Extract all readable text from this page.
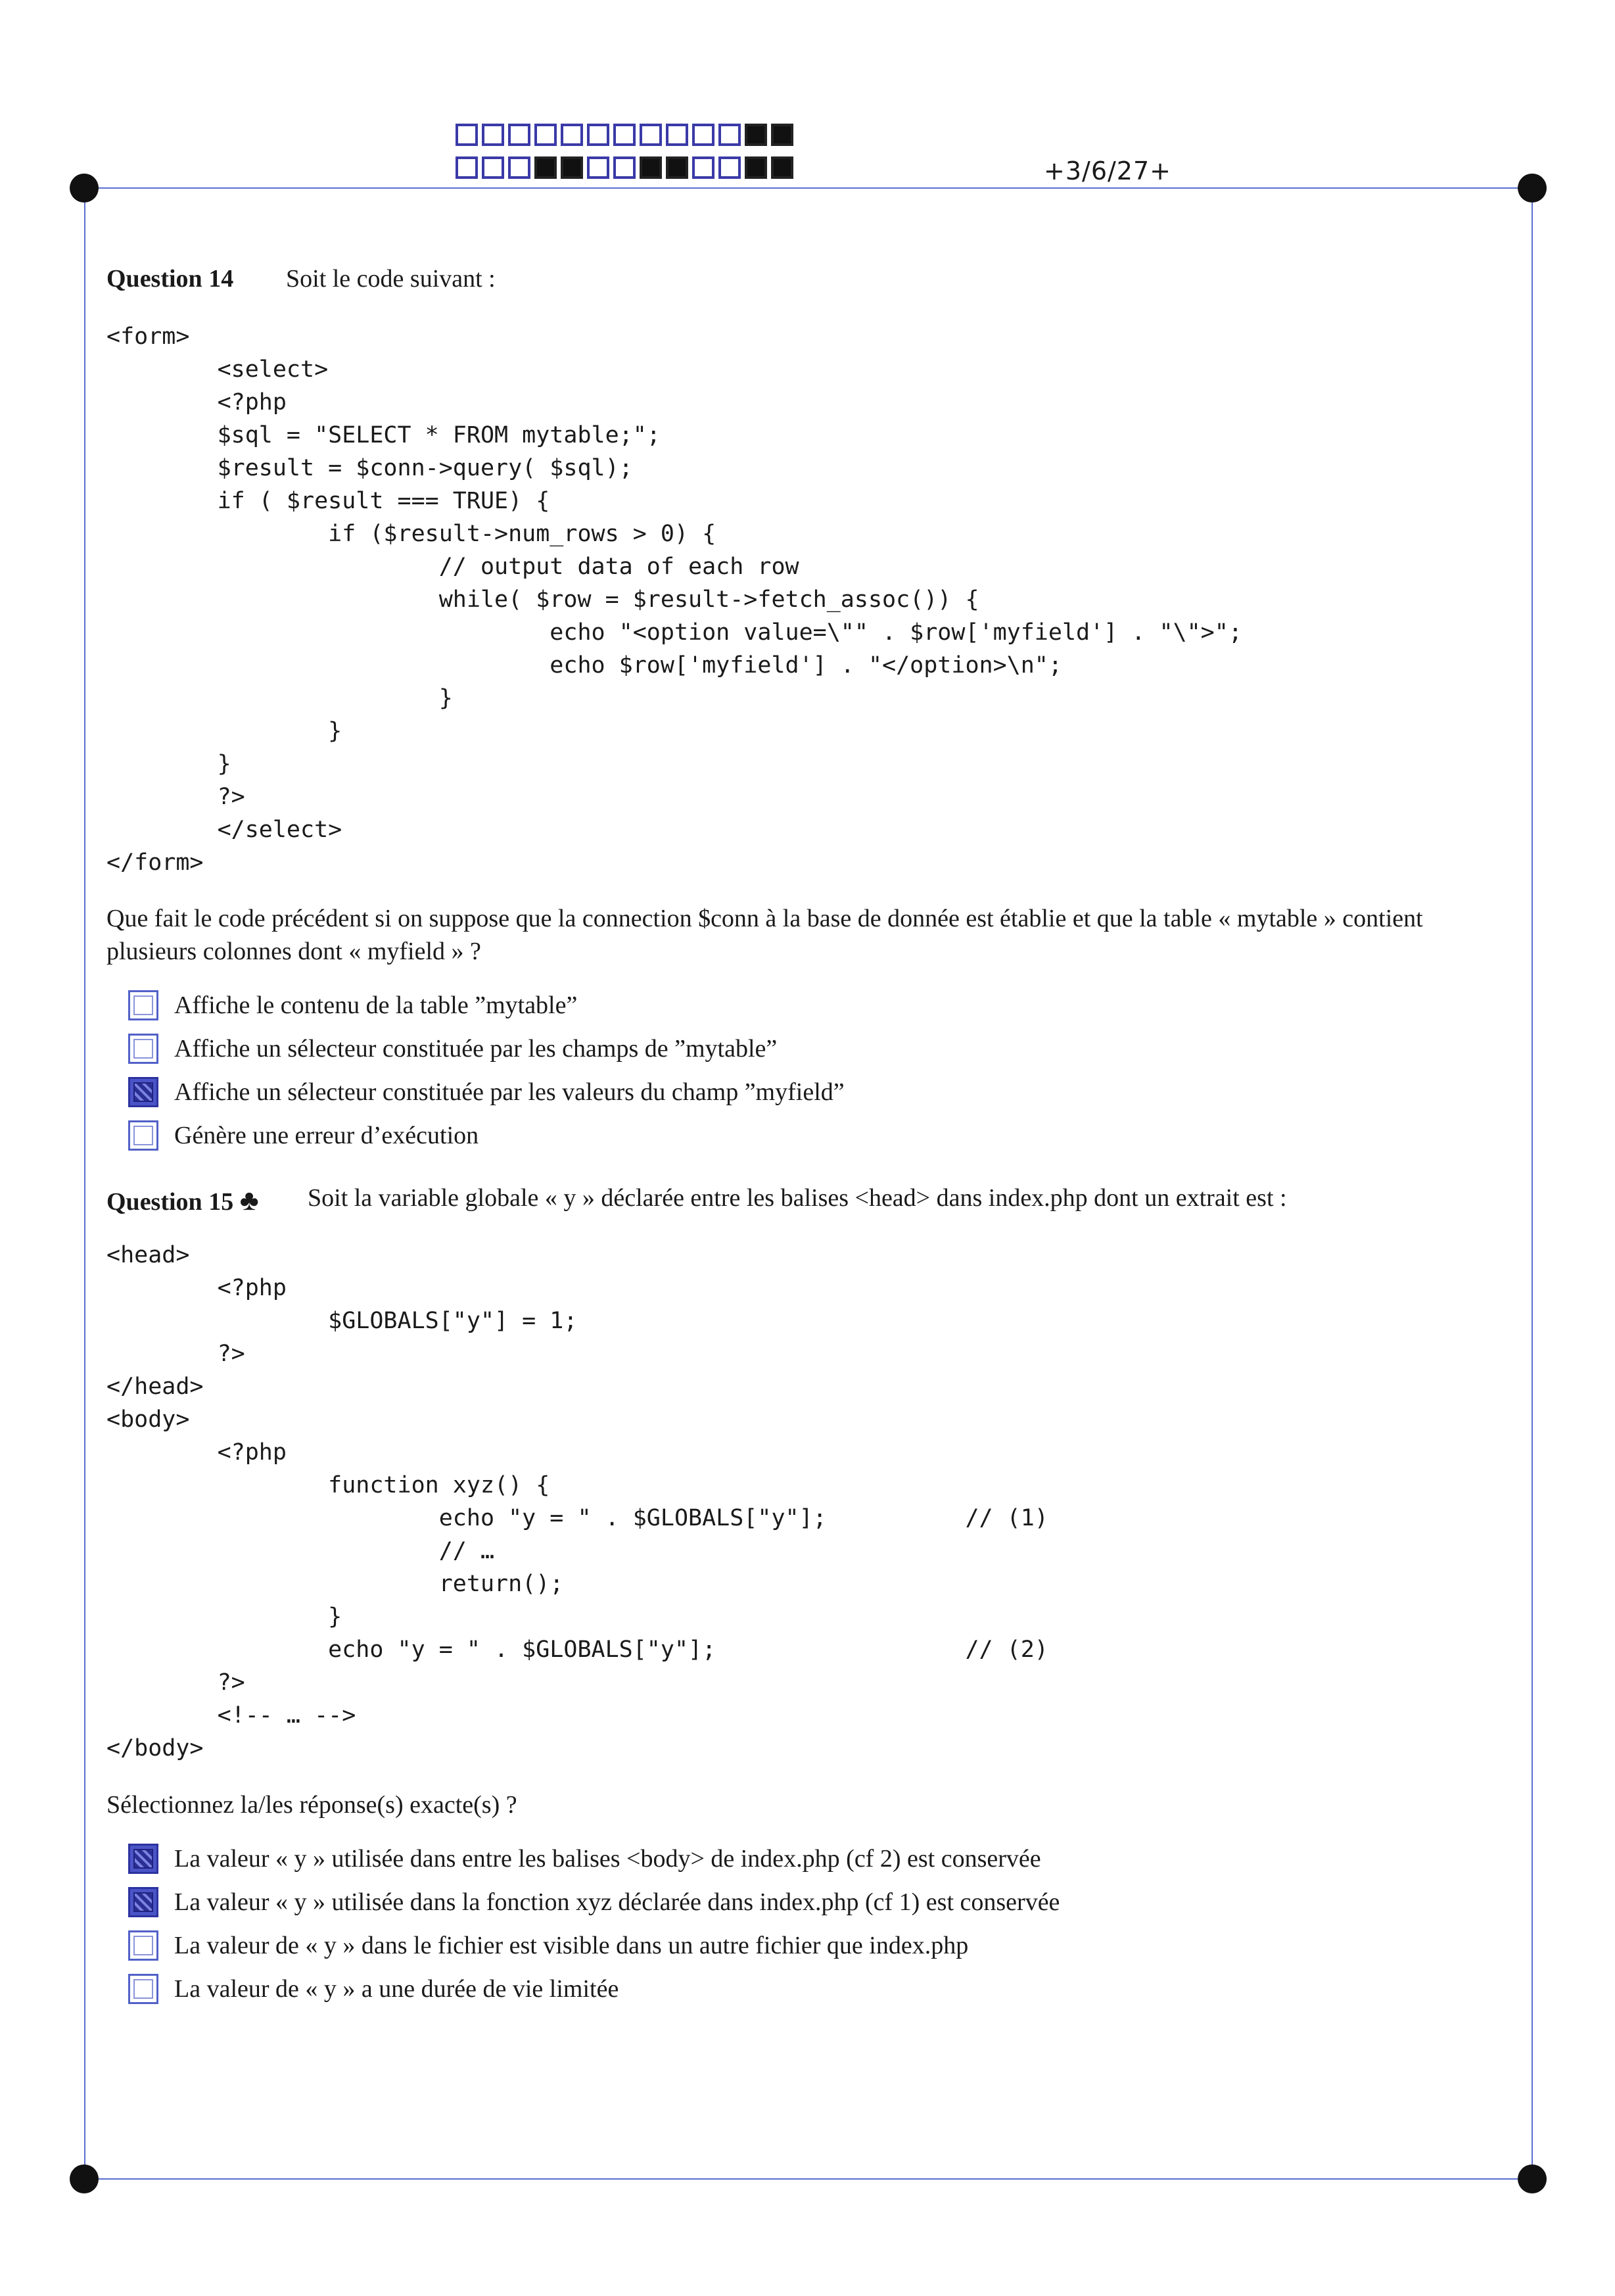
+3/6/27+
Question 14 Soit le code suivant :
<form>
<select>
<?php
$sql = "SELECT * FROM mytable;";
$result = $conn->query( $sql);
if ( $result === TRUE) {
if ($result->num_rows > 0) {
// output data of each row
while( $row = $result->fetch_assoc()) {
echo "<option value=\"" . $row['myfield'] . "\">";
echo $row['myfield'] . "</option>\n";
}
}
}
?>
</select>
</form>
Que fait le code précédent si on suppose que la connection $conn à la base de donnée est établie et que la table « mytable » contient plusieurs colonnes dont « myfield » ?
Affiche le contenu de la table ”mytable”
Affiche un sélecteur constituée par les champs de ”mytable”
Affiche un sélecteur constituée par les valeurs du champ ”myfield”
Génère une erreur d’exécution
Question 15 ♣ Soit la variable globale « y » déclarée entre les balises <head> dans index.php dont un extrait est :
<head>
<?php
$GLOBALS["y"] = 1;
?>
</head>
<body>
<?php
function xyz() {
echo "y = " . $GLOBALS["y"];          // (1)
// …
return();
}
echo "y = " . $GLOBALS["y"];                  // (2)
?>
<!-- … -->
</body>
Sélectionnez la/les réponse(s) exacte(s) ?
La valeur « y » utilisée dans entre les balises <body> de index.php (cf 2) est conservée
La valeur « y » utilisée dans la fonction xyz déclarée dans index.php (cf 1) est conservée
La valeur de « y » dans le fichier est visible dans un autre fichier que index.php
La valeur de « y » a une durée de vie limitée
